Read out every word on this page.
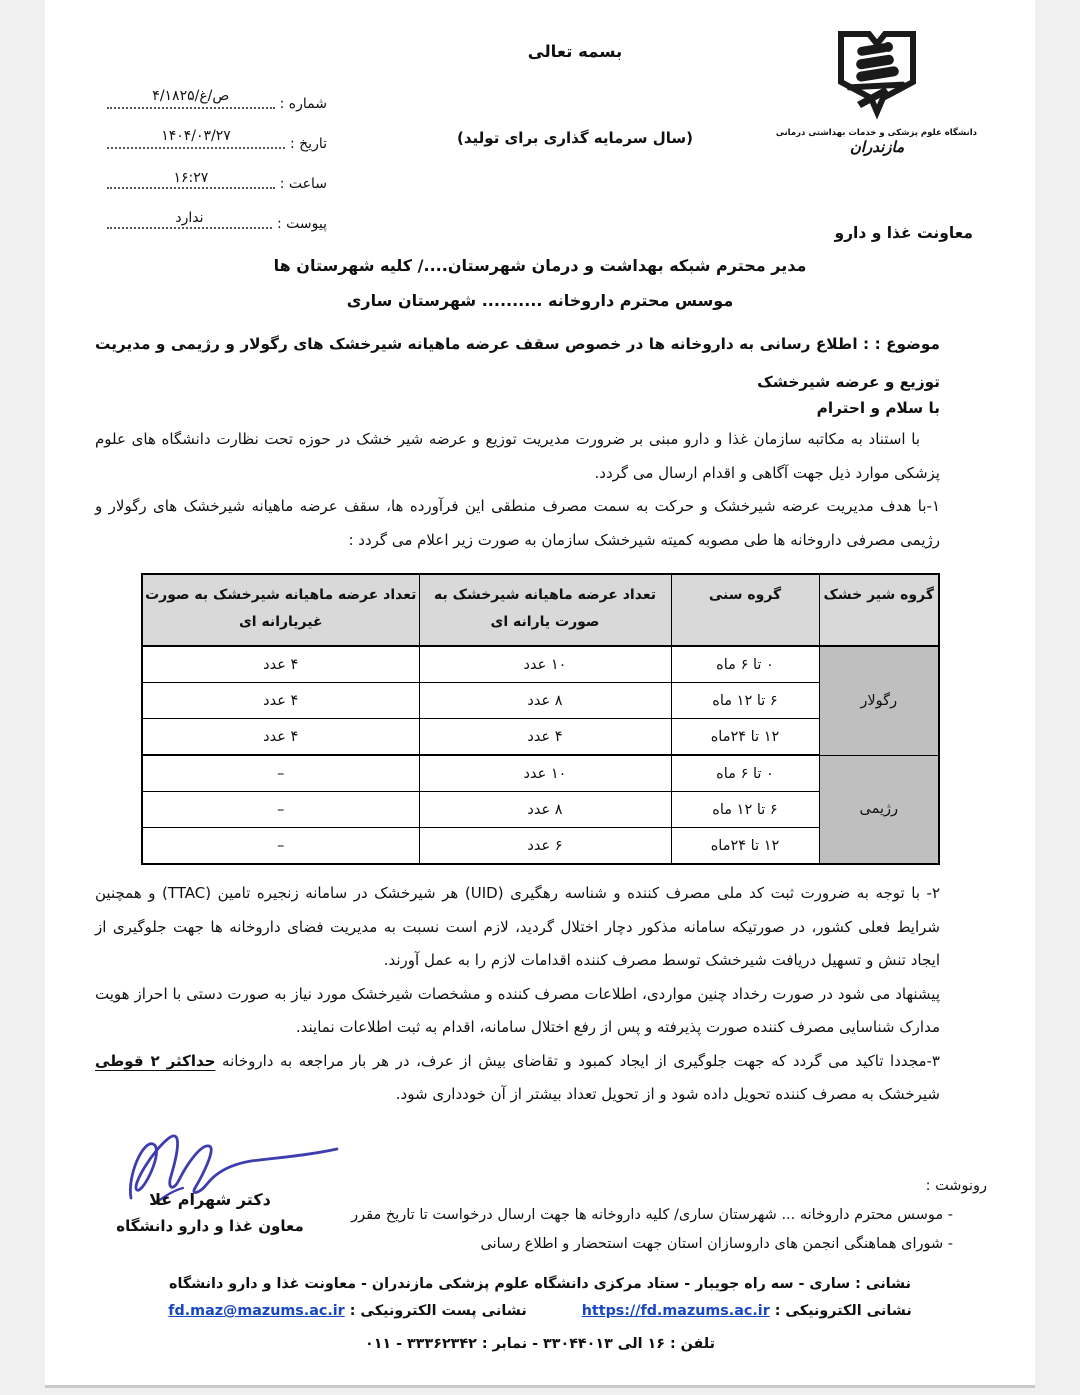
بسمه تعالی
(سال سرمایه گذاری برای تولید)	دانشگاه علوم پزشکی و خدمات بهداشتی درمانی
مازندران
شماره :
۴/۱۸۲۵/غ/ص
تاریخ :
۱۴۰۴/۰۳/۲۷
ساعت :
۱۶:۲۷
پیوست :
ندارد
معاونت غذا و دارو
مدیر محترم شبکه بهداشت و درمان شهرستان..../ کلیه شهرستان ها
موسس محترم داروخانه .......... شهرستان ساری
موضوع : : اطلاع رسانی به داروخانه ها در خصوص سقف عرضه ماهیانه شیرخشک های رگولار و رژیمی و مدیریت توزیع و عرضه شیرخشک
با سلام و احترام

با استناد به مکاتبه سازمان غذا و دارو مبنی بر ضرورت مدیریت توزیع و عرضه شیر خشک در حوزه تحت نظارت دانشگاه های علوم پزشکی موارد ذیل جهت آگاهی و اقدام ارسال می گردد.

۱-با هدف مدیریت عرضه شیرخشک و حرکت به سمت مصرف منطقی این فرآورده ها، سقف عرضه ماهیانه شیرخشک های رگولار و رژیمی مصرفی داروخانه ها طی مصوبه کمیته شیرخشک سازمان به صورت زیر اعلام می گردد :

گروه شیر خشک	گروه سنی	تعداد عرضه ماهیانه شیرخشک به صورت یارانه ای	تعداد عرضه ماهیانه شیرخشک به صورت غیریارانه ای
رگولار	۰ تا ۶ ماه	۱۰ عدد	۴ عدد
	۶ تا ۱۲ ماه	۸ عدد	۴ عدد
	۱۲ تا ۲۴ماه	۴ عدد	۴ عدد
رژیمی	۰ تا ۶ ماه	۱۰ عدد	–
	۶ تا ۱۲ ماه	۸ عدد	–
	۱۲ تا ۲۴ماه	۶ عدد	–

۲- با توجه به ضرورت ثبت کد ملی مصرف کننده و شناسه رهگیری (UID) هر شیرخشک در سامانه زنجیره تامین (TTAC) و همچنین شرایط فعلی کشور، در صورتیکه سامانه مذکور دچار اختلال گردید، لازم است نسبت به مدیریت فضای داروخانه ها جهت جلوگیری از ایجاد تنش و تسهیل دریافت شیرخشک توسط مصرف کننده اقدامات لازم را به عمل آورند.

پیشنهاد می شود در صورت رخداد چنین مواردی، اطلاعات مصرف کننده و مشخصات شیرخشک مورد نیاز به صورت دستی با احراز هویت مدارک شناسایی مصرف کننده صورت پذیرفته و پس از رفع اختلال سامانه، اقدام به ثبت اطلاعات نمایند.

۳-مجددا تاکید می گردد که جهت جلوگیری از ایجاد کمبود و تقاضای بیش از عرف، در هر بار مراجعه به داروخانه حداکثر ۲ قوطی شیرخشک به مصرف کننده تحویل داده شود و از تحویل تعداد بیشتر از آن خودداری شود.

دکتر شهرام علا
معاون غذا و دارو دانشگاه
رونوشت :
- موسس محترم داروخانه ... شهرستان ساری/ کلیه داروخانه ها جهت ارسال درخواست تا تاریخ مقرر
- شورای هماهنگی انجمن های داروسازان استان جهت استحضار و اطلاع رسانی
نشانی : ساری - سه راه جویبار - ستاد مرکزی دانشگاه علوم پزشکی مازندران - معاونت غذا و دارو دانشگاه
نشانی الکترونیکی : https://fd.mazums.ac.ir
نشانی پست الکترونیکی : fd.maz@mazums.ac.ir
تلفن : ۱۶ الی ۳۳۰۴۴۰۱۳ - نمابر : ۳۳۳۶۲۳۴۲ - ۰۱۱
